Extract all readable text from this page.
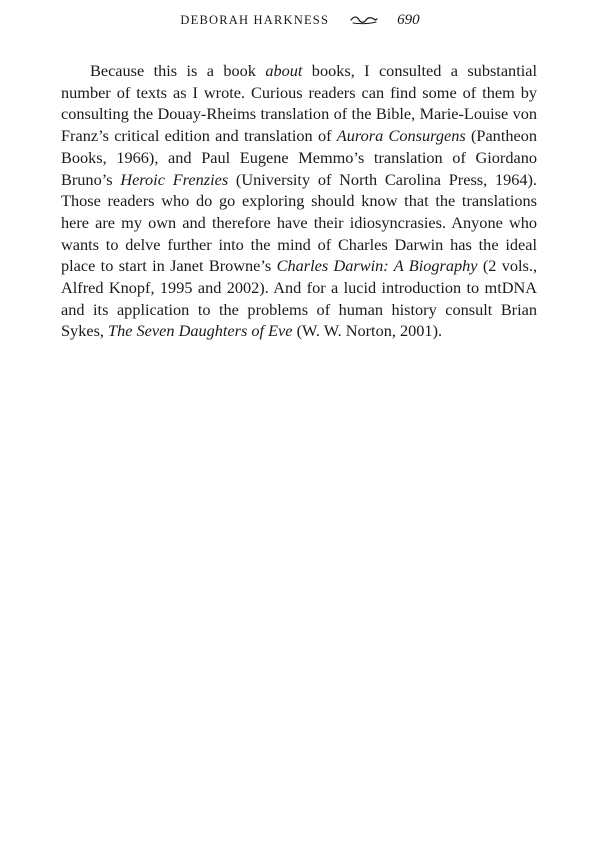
DEBORAH HARKNESS	690

Because this is a book about books, I consulted a substantial number of texts as I wrote. Curious readers can find some of them by consulting the Douay-Rheims translation of the Bible, Marie-Louise von Franz’s critical edition and translation of Aurora Consurgens (Pantheon Books, 1966), and Paul Eugene Memmo’s translation of Giordano Bruno’s Heroic Frenzies (University of North Carolina Press, 1964). Those readers who do go exploring should know that the translations here are my own and therefore have their idiosyncrasies. Anyone who wants to delve further into the mind of Charles Darwin has the ideal place to start in Janet Browne’s Charles Darwin: A Biography (2 vols., Alfred Knopf, 1995 and 2002). And for a lucid introduction to mtDNA and its application to the problems of human history consult Brian Sykes, The Seven Daughters of Eve (W. W. Norton, 2001).
